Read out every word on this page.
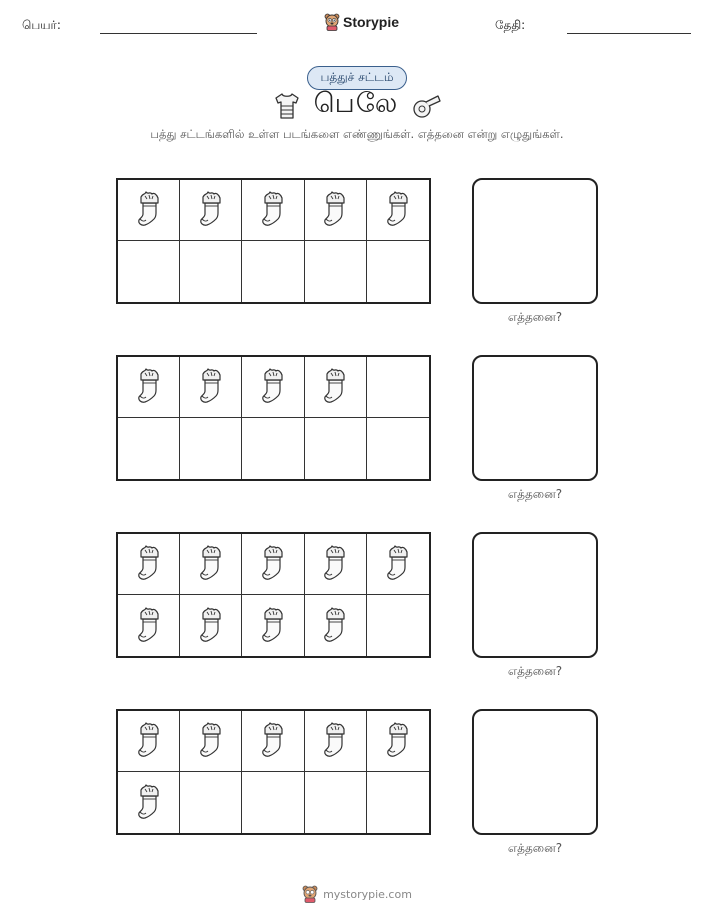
பெயர்:	Storypie	தேதி:
பத்துச் சட்டம்
பெலே
பத்து சட்டங்களில் உள்ள படங்களை எண்ணுங்கள். எத்தனை என்று எழுதுங்கள்.
எத்தனை?
எத்தனை?
எத்தனை?
எத்தனை?
mystorypie.com
